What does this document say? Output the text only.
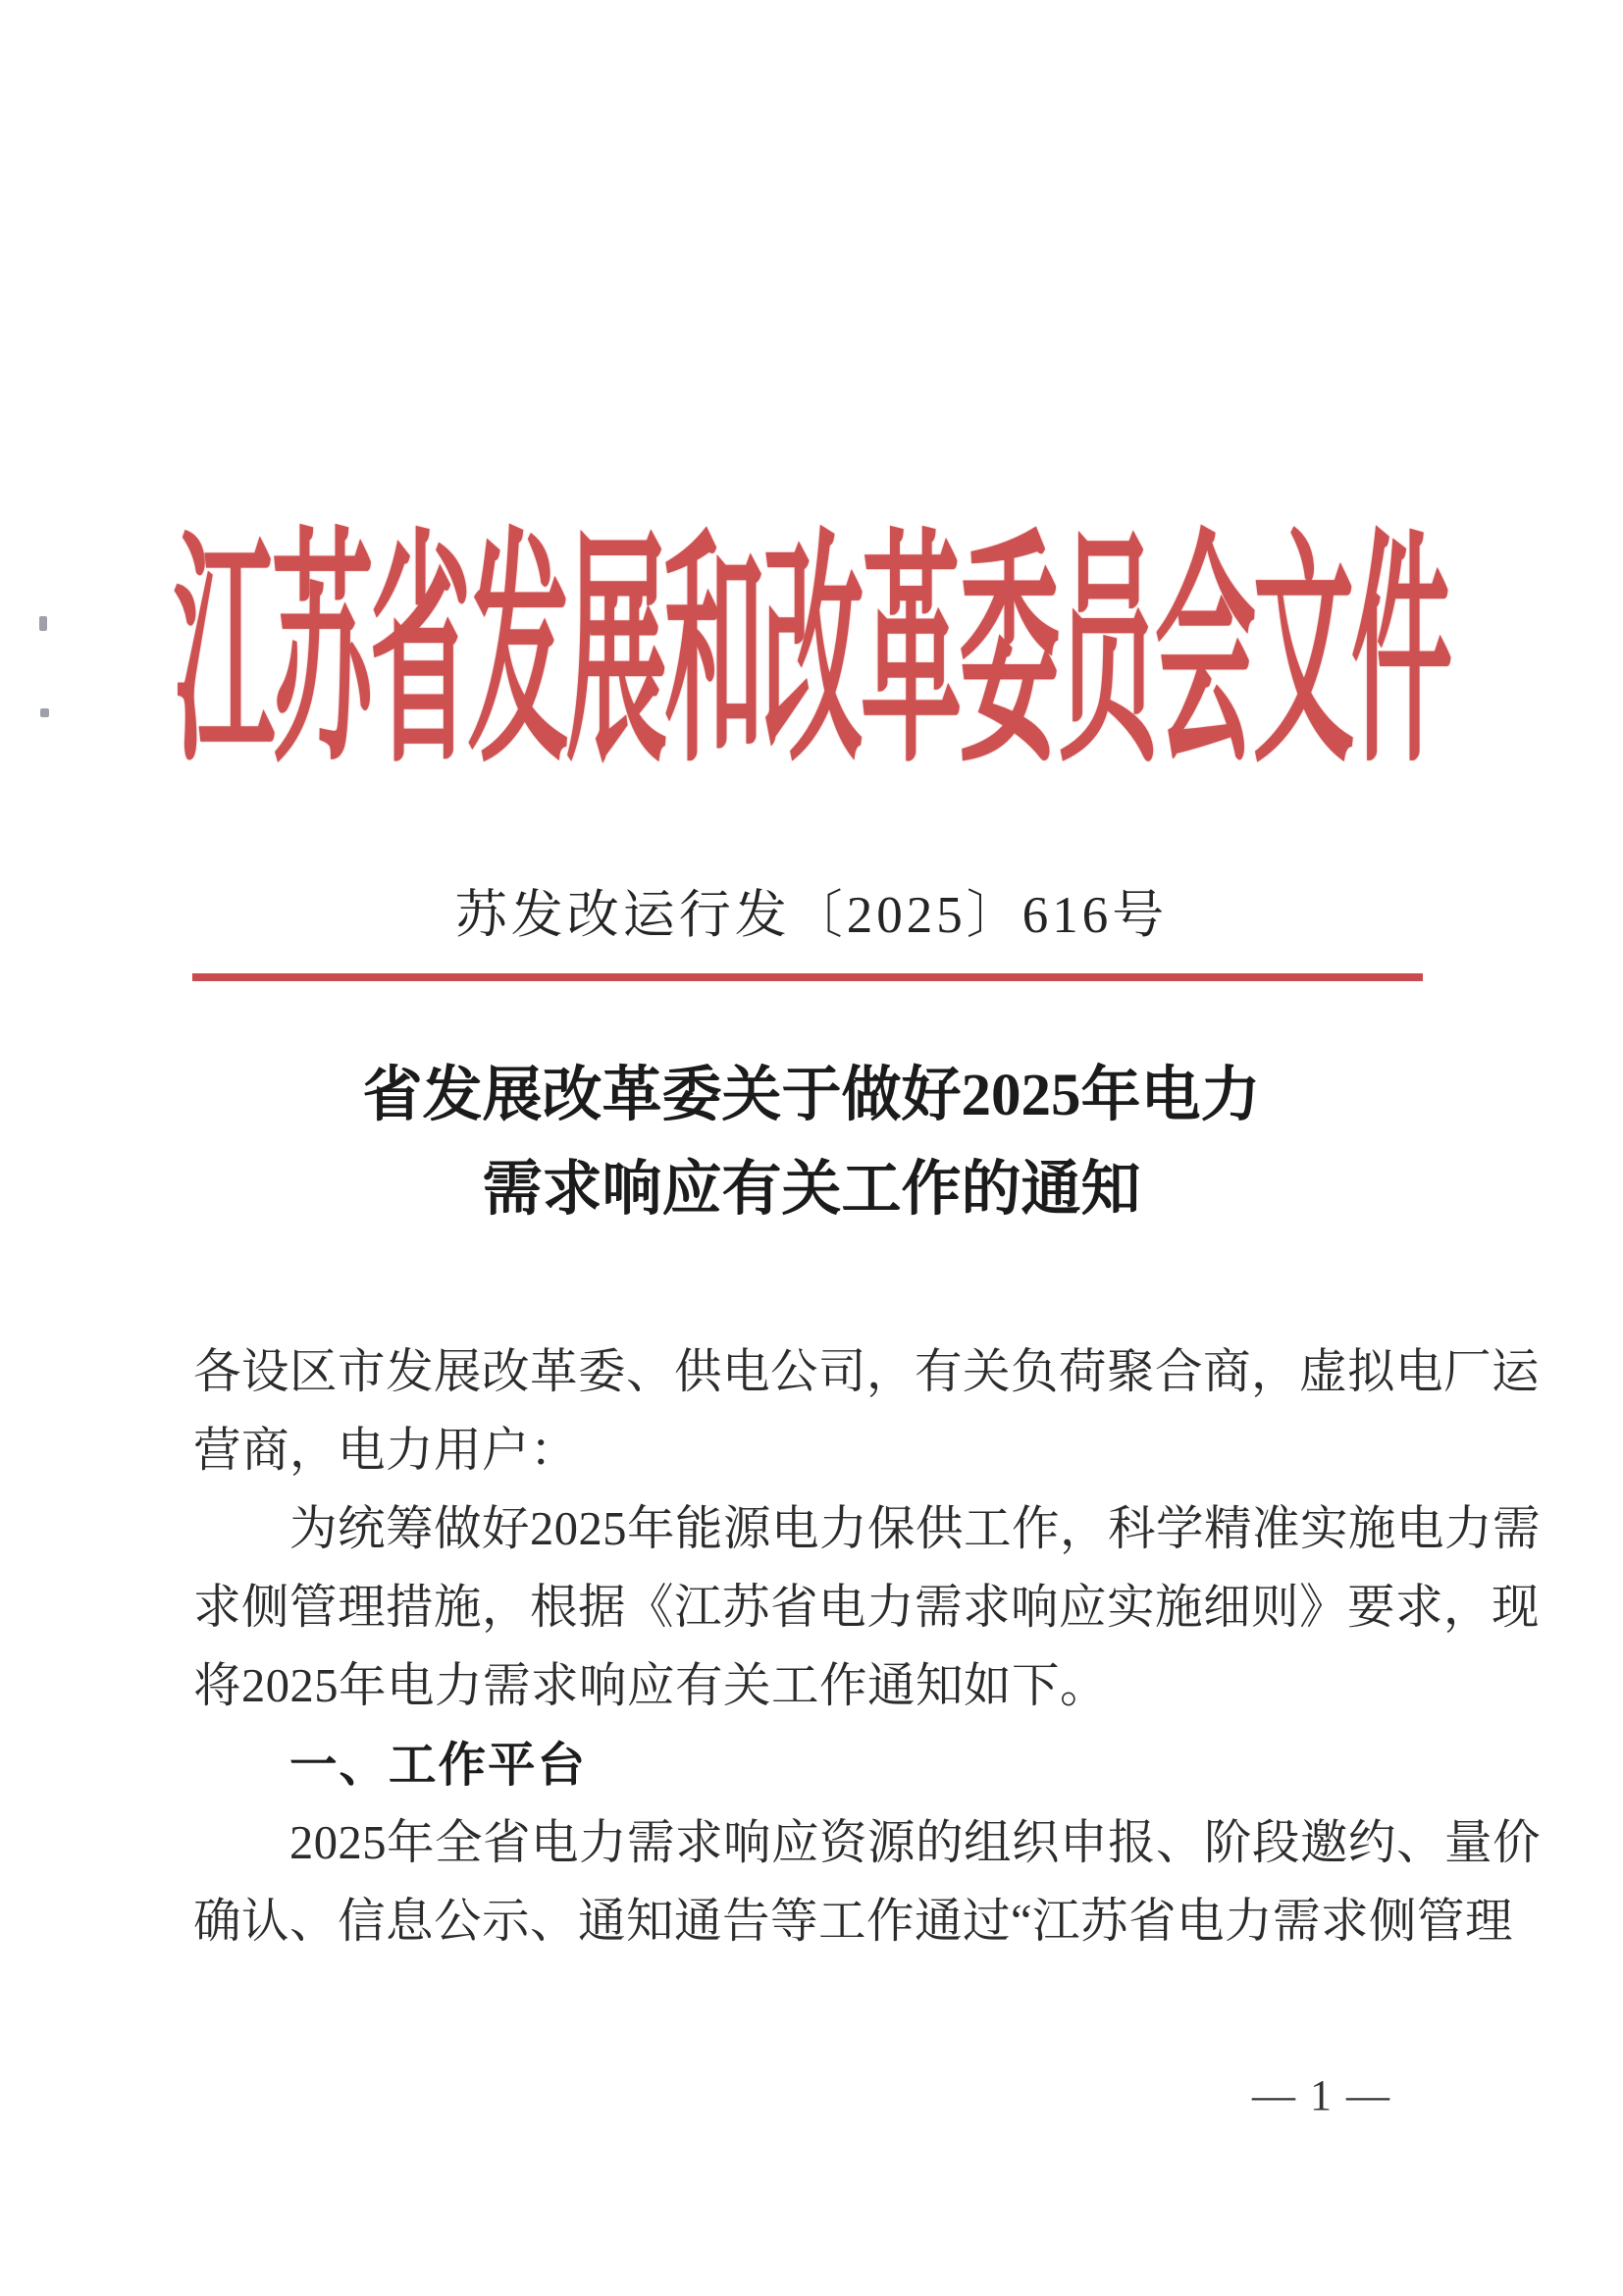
江苏省发展和改革委员会文件
苏发改运行发〔2025〕616号
省发展改革委关于做好2025年电力
需求响应有关工作的通知
各设区市发展改革委、供电公司，有关负荷聚合商，虚拟电厂运
营商，电力用户：
为统筹做好2025年能源电力保供工作，科学精准实施电力需
求侧管理措施，根据《江苏省电力需求响应实施细则》要求，现
将2025年电力需求响应有关工作通知如下。
一、工作平台
2025年全省电力需求响应资源的组织申报、阶段邀约、量价
确认、信息公示、通知通告等工作通过“江苏省电力需求侧管理
— 1 —
